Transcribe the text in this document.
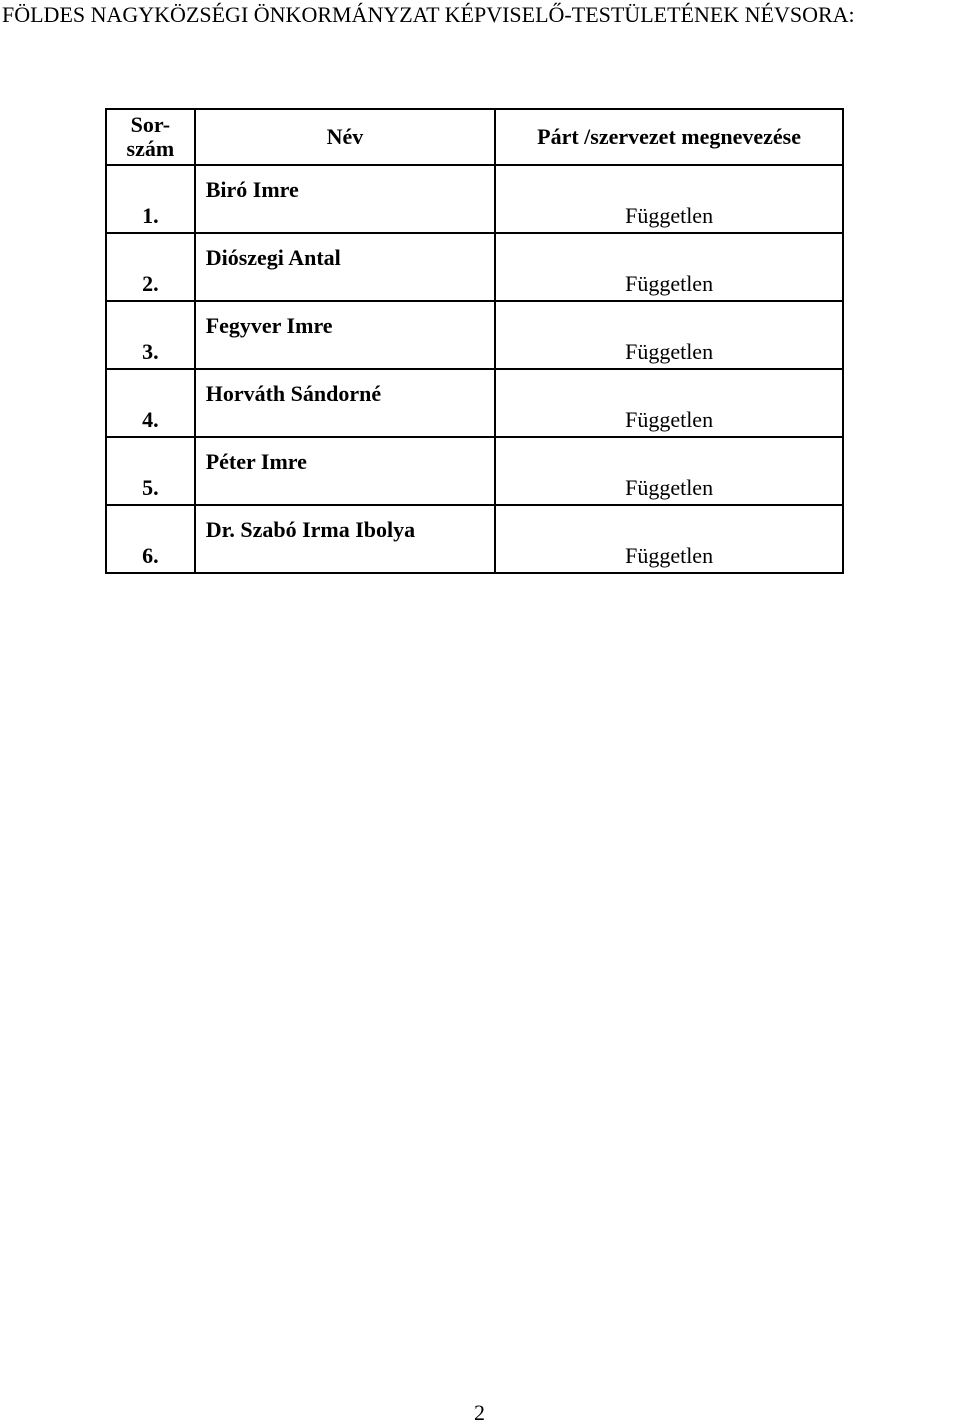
FÖLDES NAGYKÖZSÉGI ÖNKORMÁNYZAT KÉPVISELŐ-TESTÜLETÉNEK NÉVSORA:
Sor-
szám	Név	Párt /szervezet megnevezése
1.	Biró Imre	Független
2.	Diószegi Antal	Független
3.	Fegyver Imre	Független
4.	Horváth Sándorné	Független
5.	Péter Imre	Független
6.	Dr. Szabó Irma Ibolya	Független
2
